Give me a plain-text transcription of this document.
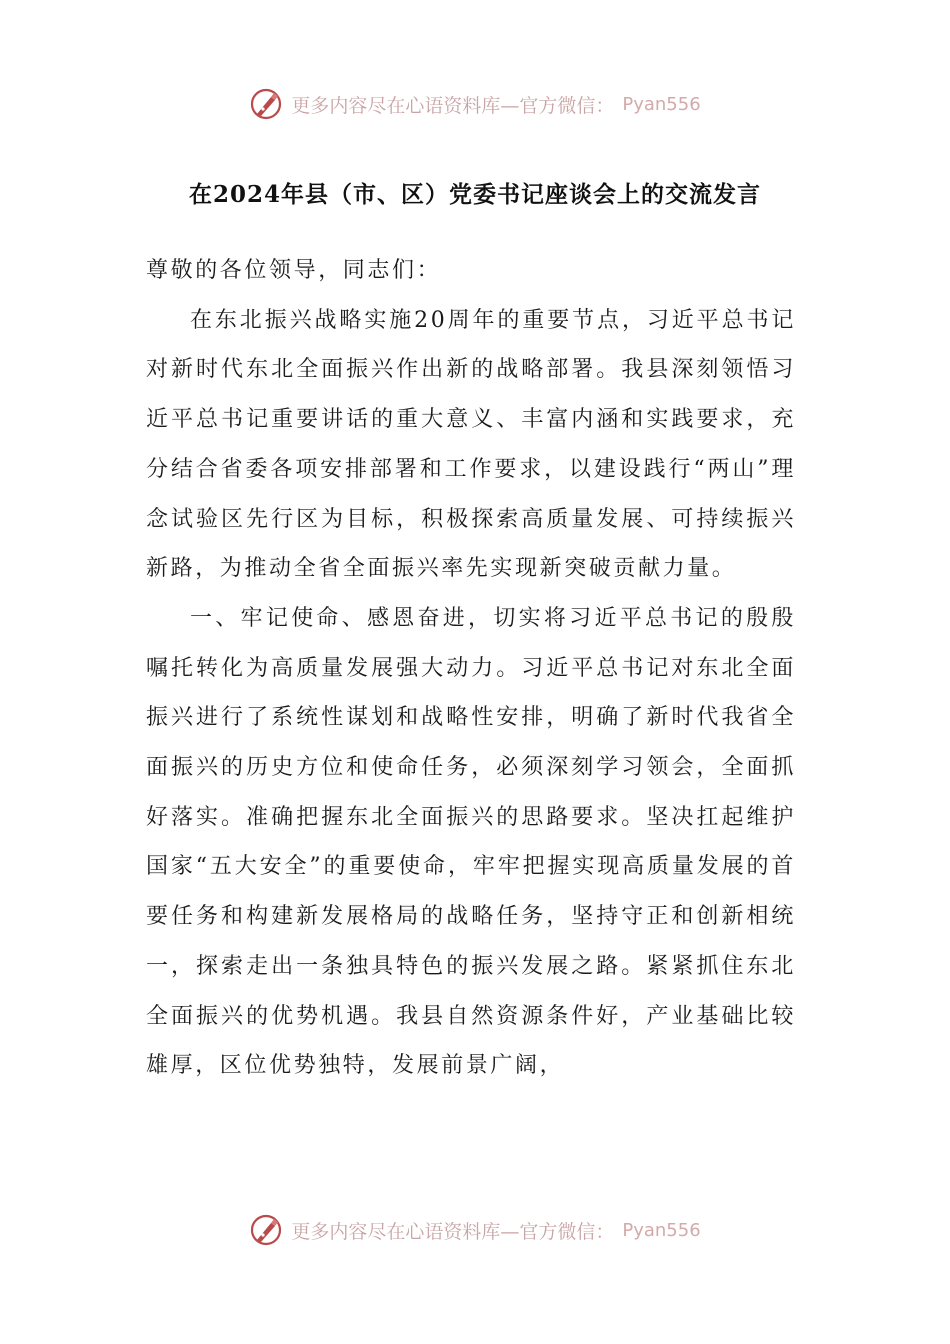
更多内容尽在心语资料库—官方微信： Pyan556
在2024年县（市、区）党委书记座谈会上的交流发言

尊敬的各位领导，同志们：

在东北振兴战略实施20周年的重要节点，习近平总书记对新时代东北全面振兴作出新的战略部署。我县深刻领悟习近平总书记重要讲话的重大意义、丰富内涵和实践要求，充分结合省委各项安排部署和工作要求，以建设践行“两山”理念试验区先行区为目标，积极探索高质量发展、可持续振兴新路，为推动全省全面振兴率先实现新突破贡献力量。

一、牢记使命、感恩奋进，切实将习近平总书记的殷殷嘱托转化为高质量发展强大动力。习近平总书记对东北全面振兴进行了系统性谋划和战略性安排，明确了新时代我省全面振兴的历史方位和使命任务，必须深刻学习领会，全面抓好落实。准确把握东北全面振兴的思路要求。坚决扛起维护国家“五大安全”的重要使命，牢牢把握实现高质量发展的首要任务和构建新发展格局的战略任务，坚持守正和创新相统一，探索走出一条独具特色的振兴发展之路。紧紧抓住东北全面振兴的优势机遇。我县自然资源条件好，产业基础比较雄厚，区位优势独特，发展前景广阔，

更多内容尽在心语资料库—官方微信： Pyan556
